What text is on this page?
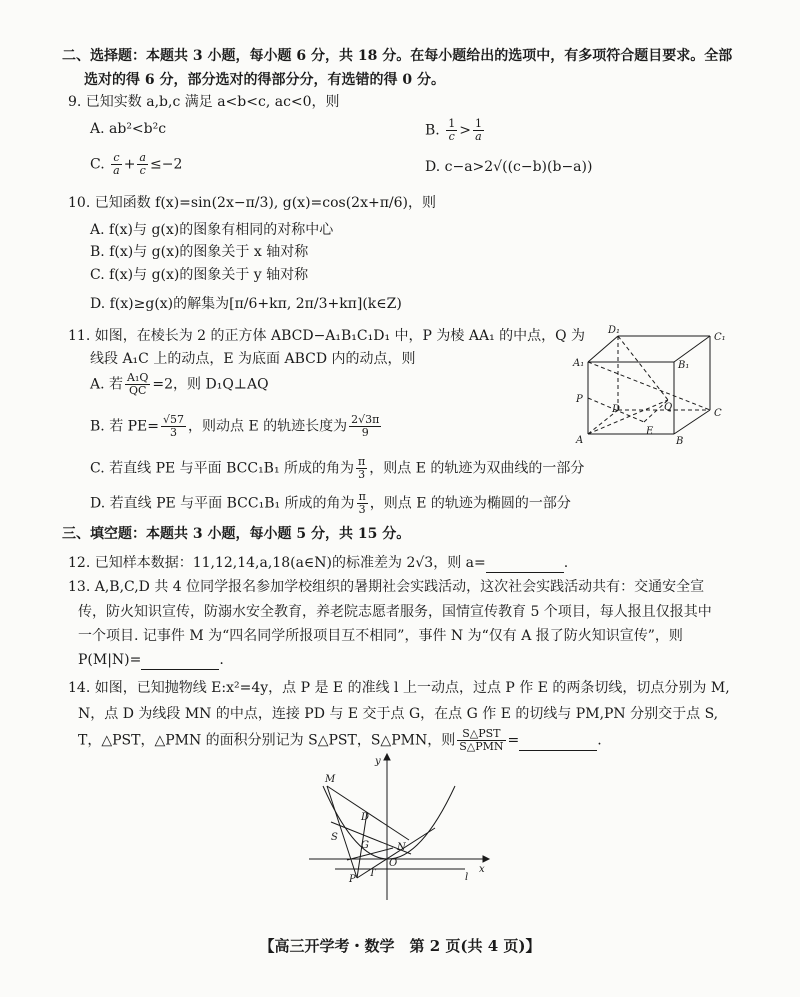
二、选择题：本题共 3 小题，每小题 6 分，共 18 分。在每小题给出的选项中，有多项符合题目要求。全部
选对的得 6 分，部分选对的得部分分，有选错的得 0 分。
9. 已知实数 a,b,c 满足 a<b<c, ac<0，则
A. ab²<b²c	B. $\frac{1}{c} > \frac{1}{a}$
C. $\frac{c}{a} + \frac{a}{c} \le-2$	D. c−a>2√((c−b)(b−a))
10. 已知函数 f(x)=sin(2x−π/3), g(x)=cos(2x+π/6)，则
A. f(x)与 g(x)的图象有相同的对称中心
B. f(x)与 g(x)的图象关于 x 轴对称
C. f(x)与 g(x)的图象关于 y 轴对称
D. f(x)≥g(x)的解集为[π/6+kπ, 2π/3+kπ](k∈Z)
11. 如图，在棱长为 2 的正方体 ABCD−A₁B₁C₁D₁ 中，P 为棱 AA₁ 的中点，Q 为
线段 A₁C 上的动点，E 为底面 ABCD 内的动点，则
A. 若 $\frac{\text{A₁Q}}{QC} =2$，则 D₁Q⊥AQ
B. 若 $PE= \frac{√57}{3}$ ，则动点 E 的轨迹长度为 $\frac{2√3\pi}{9}$
C. 若直线 PE 与平面 BCC₁B₁ 所成的角为 $\frac{\pi}{3}$ ，则点 E 的轨迹为双曲线的一部分
D. 若直线 PE 与平面 BCC₁B₁ 所成的角为 $\frac{\pi}{3}$ ，则点 E 的轨迹为椭圆的一部分
D₁
C₁
A₁	B₁
P
D	Q
C
A
E
B
三、填空题：本题共 3 小题，每小题 5 分，共 15 分。
12. 已知样本数据：11,12,14,a,18(a∈N)的标准差为 2√3，则 a=	.
13. A,B,C,D 共 4 位同学报名参加学校组织的暑期社会实践活动，这次社会实践活动共有：交通安全宣
传，防火知识宣传，防溺水安全教育，养老院志愿者服务，国情宣传教育 5 个项目，每人报且仅报其中
一个项目. 记事件 M 为“四名同学所报项目互不相同”，事件 N 为“仅有 A 报了防火知识宣传”，则
P(M|N)=	.
14. 如图，已知抛物线 E:x²=4y，点 P 是 E 的准线 l 上一动点，过点 P 作 E 的两条切线，切点分别为 M,
N，点 D 为线段 MN 的中点，连接 PD 与 E 交于点 G，在点 G 作 E 的切线与 PM,PN 分别交于点 S,
T，△PST，△PMN 的面积分别记为 S△PST，S△PMN，则 S△PST
S△PMN =	.
y
M
D
S
G	N
O
x
P
T	l
【高三开学考・数学　第 2 页(共 4 页)】
